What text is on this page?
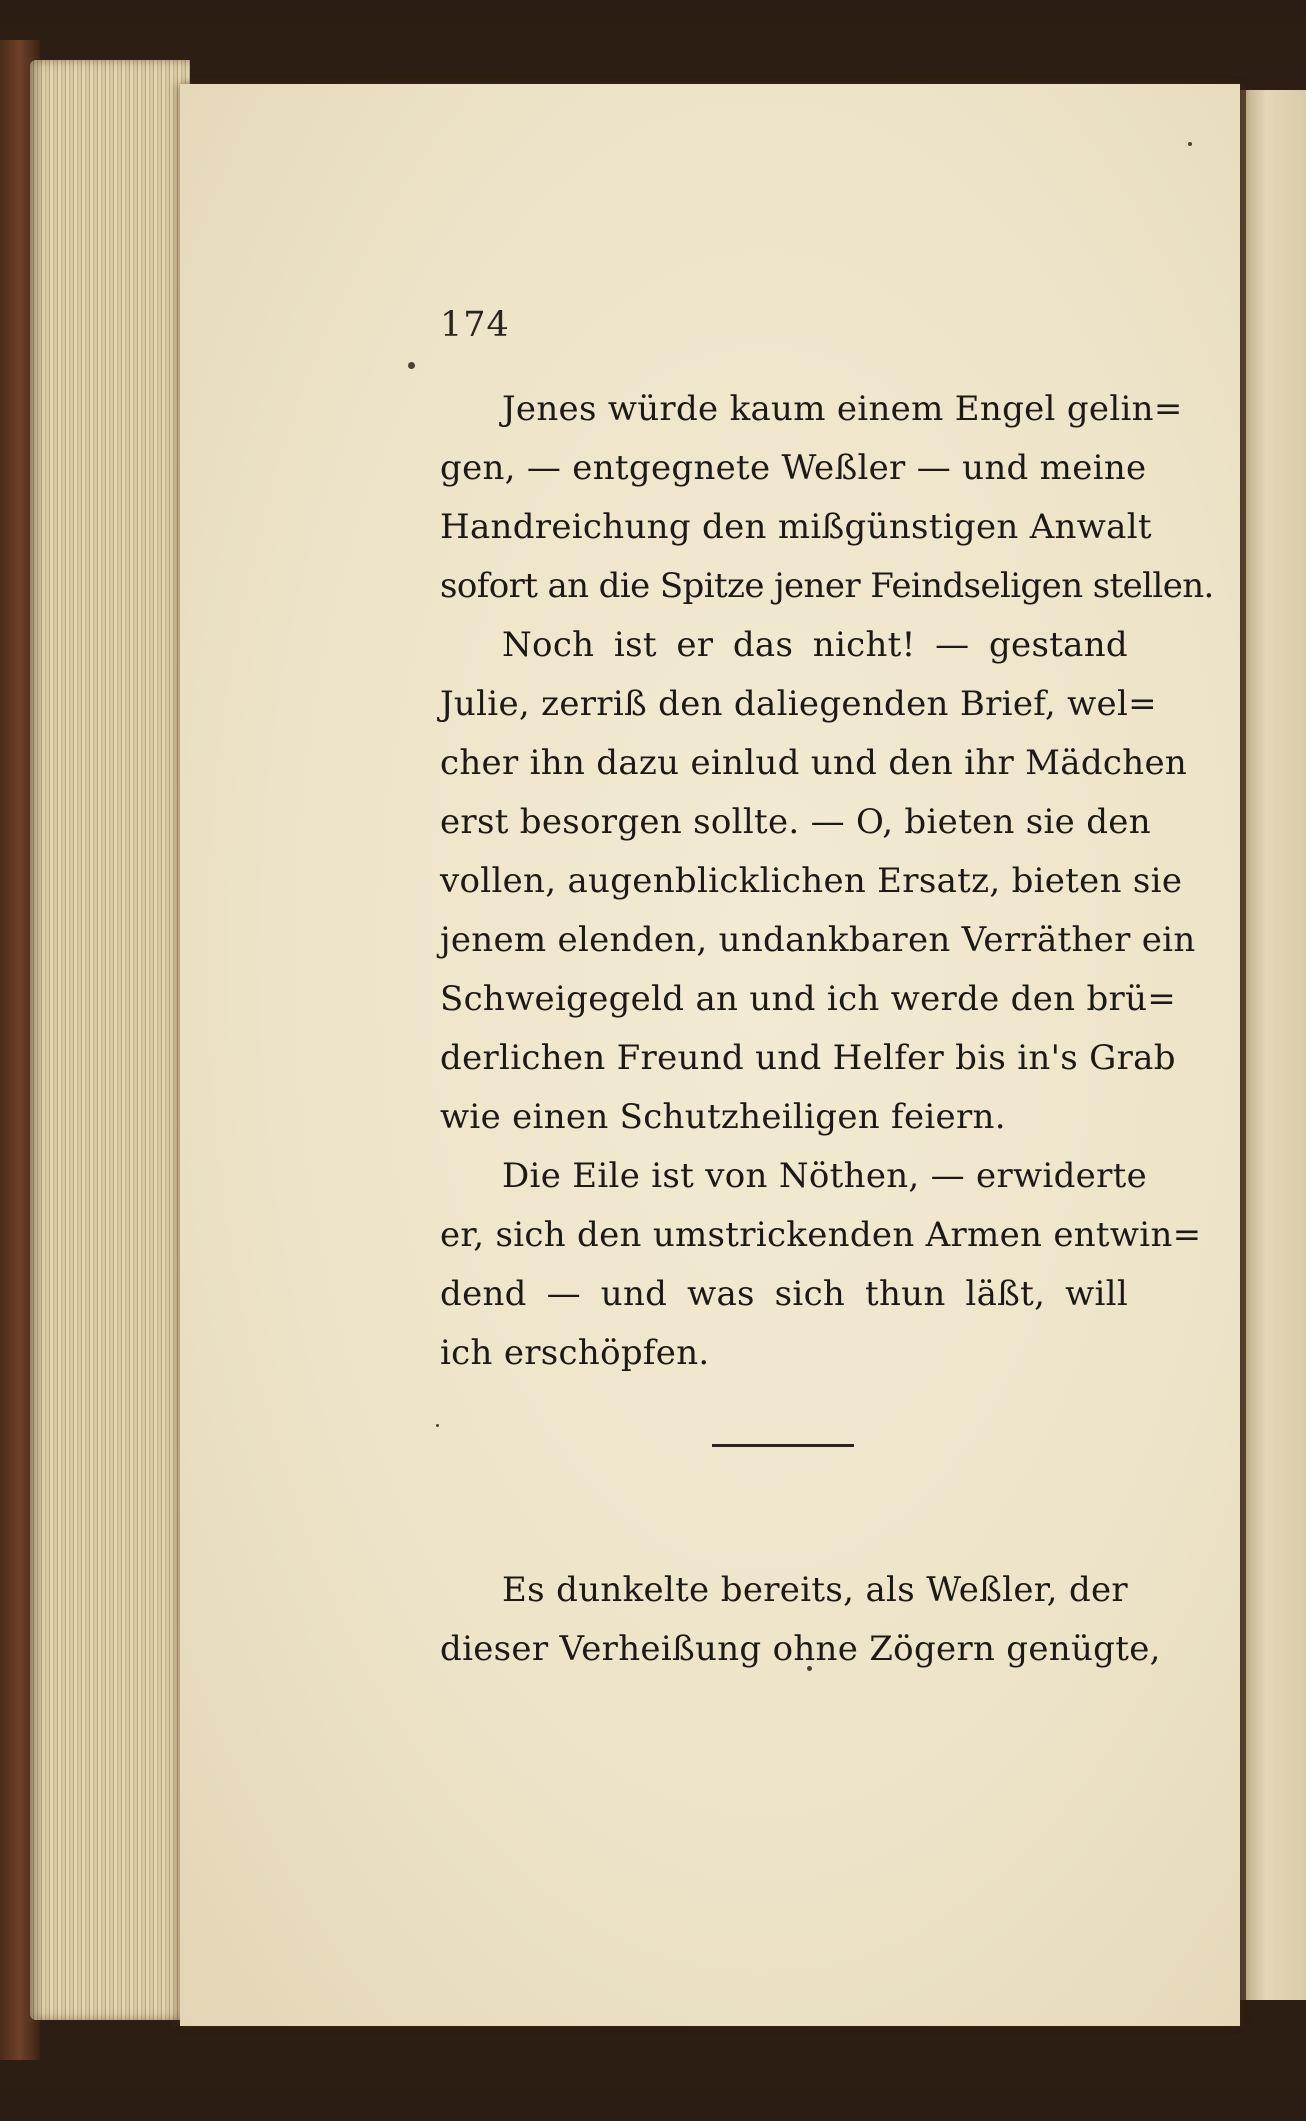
174
Jenes würde kaum einem Engel gelin=
gen, — entgegnete Weßler — und meine
Handreichung den mißgünstigen Anwalt
sofort an die Spitze jener Feindseligen stellen.
Noch ist er das nicht! — gestand
Julie, zerriß den daliegenden Brief, wel=
cher ihn dazu einlud und den ihr Mädchen
erst besorgen sollte. — O, bieten sie den
vollen, augenblicklichen Ersatz, bieten sie
jenem elenden, undankbaren Verräther ein
Schweigegeld an und ich werde den brü=
derlichen Freund und Helfer bis in's Grab
wie einen Schutzheiligen feiern.
Die Eile ist von Nöthen, — erwiderte
er, sich den umstrickenden Armen entwin=
dend — und was sich thun läßt, will
ich erschöpfen.
Es dunkelte bereits, als Weßler, der
dieser Verheißung ohne Zögern genügte,
